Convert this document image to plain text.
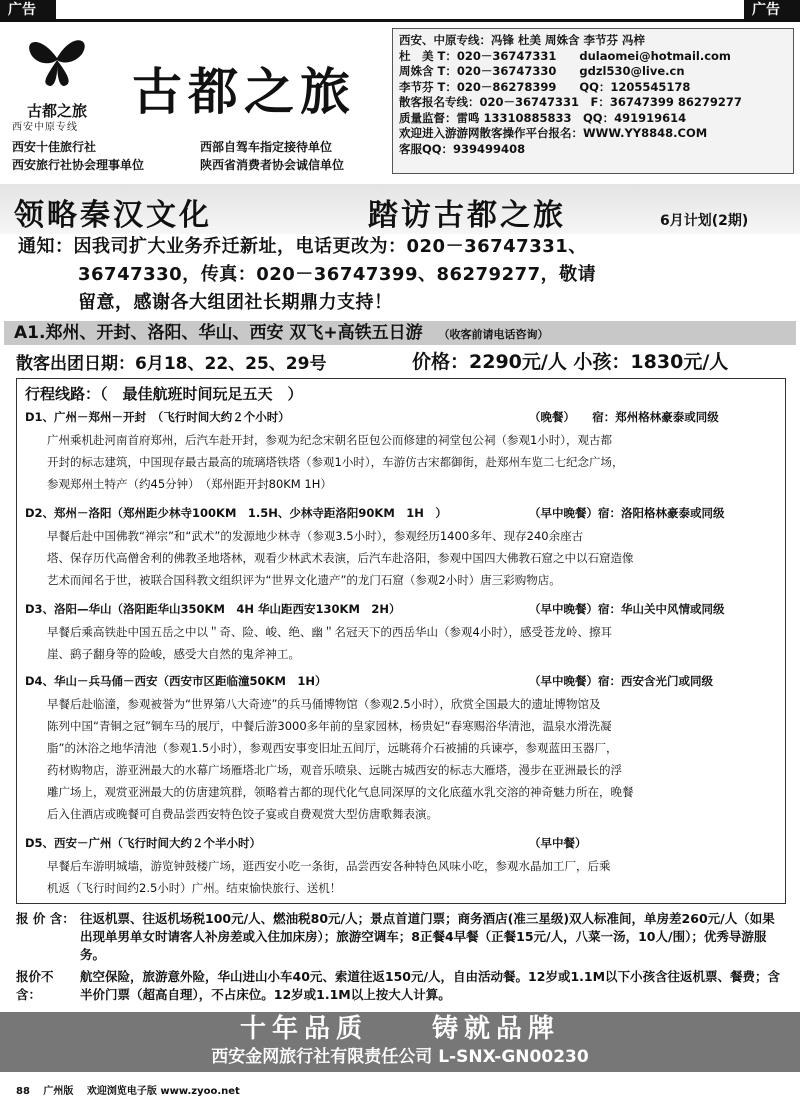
广告	广告
古都之旅 古都之旅
西安中原专线
西安十佳旅行社
西安旅行社协会理事单位
西部自驾车指定接待单位
陕西省消费者协会诚信单位
西安、中原专线：冯锋 杜美 周姝含 李节芬 冯梓
杜　美 T：020－36747331　　dulaomei@hotmail.com
周姝含 T：020－36747330　　gdzl530@live.cn
李节芬 T：020－86278399　　QQ：1205545178
散客报名专线：020－36747331　F：36747399 86279277
质量监督：雷鸣 13310885833　QQ：491919614
欢迎进入游游网散客操作平台报名：WWW.YY8848.COM
客服QQ：939499408
领略秦汉文化	踏访古都之旅	6月计划(2期)
通知：因我司扩大业务乔迁新址，电话更改为：020－36747331、
36747330，传真：020－36747399、86279277，敬请
留意，感谢各大组团社长期鼎力支持！
A1.郑州、开封、洛阳、华山、西安 双飞+高铁五日游 （收客前请电话咨询）
散客出团日期：6月18、22、25、29号	价格：2290元/人 小孩：1830元/人
行程线路：（　最佳航班时间玩足五天　）
D1、广州－郑州－开封　（飞行时间大约２个小时）	（晚餐）　　宿：郑州格林豪泰或同级
广州乘机赴河南首府郑州，后汽车赴开封，参观为纪念宋朝名臣包公而修建的祠堂包公祠（参观1小时），观古都
开封的标志建筑，中国现存最古最高的琉璃塔铁塔（参观1小时），车游仿古宋都御街，赴郑州车览二七纪念广场，
参观郑州土特产（约45分钟）　（郑州距开封80KM 1H）
D2、郑州－洛阳（郑州距少林寺100KM　1.5H、少林寺距洛阳90KM　1H　）	（早中晚餐）宿：洛阳格林豪泰或同级
早餐后赴中国佛教“禅宗”和“武术”的发源地少林寺（参观3.5小时），参观经历1400多年、现存240余座古
塔、保存历代高僧舍利的佛教圣地塔林，观看少林武术表演，后汽车赴洛阳，参观中国四大佛教石窟之中以石窟造像
艺术而闻名于世，被联合国科教文组织评为“世界文化遗产”的龙门石窟（参观2小时）唐三彩购物店。
D3、洛阳—华山（洛阳距华山350KM　4H 华山距西安130KM　2H）	（早中晚餐）宿：华山关中风情或同级
早餐后乘高铁赴中国五岳之中以＂奇、险、峻、绝、幽＂名冠天下的西岳华山（参观4小时），感受苍龙岭、擦耳
崖、鹞子翻身等的险峻，感受大自然的鬼斧神工。
D4、华山－兵马俑－西安（西安市区距临潼50KM　1H）	（早中晚餐）宿：西安含光门或同级
早餐后赴临潼，参观被誉为“世界第八大奇迹”的兵马俑博物馆（参观2.5小时），欣赏全国最大的遗址博物馆及
陈列中国“青铜之冠”铜车马的展厅，中餐后游3000多年前的皇家园林，杨贵妃“春寒赐浴华清池，温泉水滑洗凝
脂”的沐浴之地华清池（参观1.5小时），参观西安事变旧址五间厅，远眺蒋介石被捕的兵谏亭，参观蓝田玉器厂，
药材购物店，游亚洲最大的水幕广场雁塔北广场，观音乐喷泉、远眺古城西安的标志大雁塔，漫步在亚洲最长的浮
雕广场上，观赏亚洲最大的仿唐建筑群，领略着古都的现代化气息同深厚的文化底蕴水乳交溶的神奇魅力所在，晚餐
后入住酒店或晚餐可自费品尝西安特色饺子宴或自费观赏大型仿唐歌舞表演。
D5、西安－广州（飞行时间大约２个半小时）	（早中餐）
早餐后车游明城墙，游览钟鼓楼广场，逛西安小吃一条街，品尝西安各种特色风味小吃，参观水晶加工厂，后乘
机返（飞行时间约2.5小时）广州。结束愉快旅行、送机！
报 价 含： 往返机票、往返机场税100元/人、燃油税80元/人；景点首道门票；商务酒店(准三星级)双人标准间，单房差260元/人（如果出现单男单女时请客人补房差或入住加床房）；旅游空调车；8正餐4早餐（正餐15元/人，八菜一汤，10人/围）；优秀导游服务。
报价不含：
航空保险，旅游意外险，华山进山小车40元、索道往返150元/人，自由活动餐。12岁或1.1M以下小孩含往返机票、餐费；含半价门票（超高自理），不占床位。12岁或1.1M以上按大人计算。
十年品质　　铸就品牌
西安金网旅行社有限责任公司 L-SNX-GN00230
88 广州版 欢迎浏览电子版 www.zyoo.net
